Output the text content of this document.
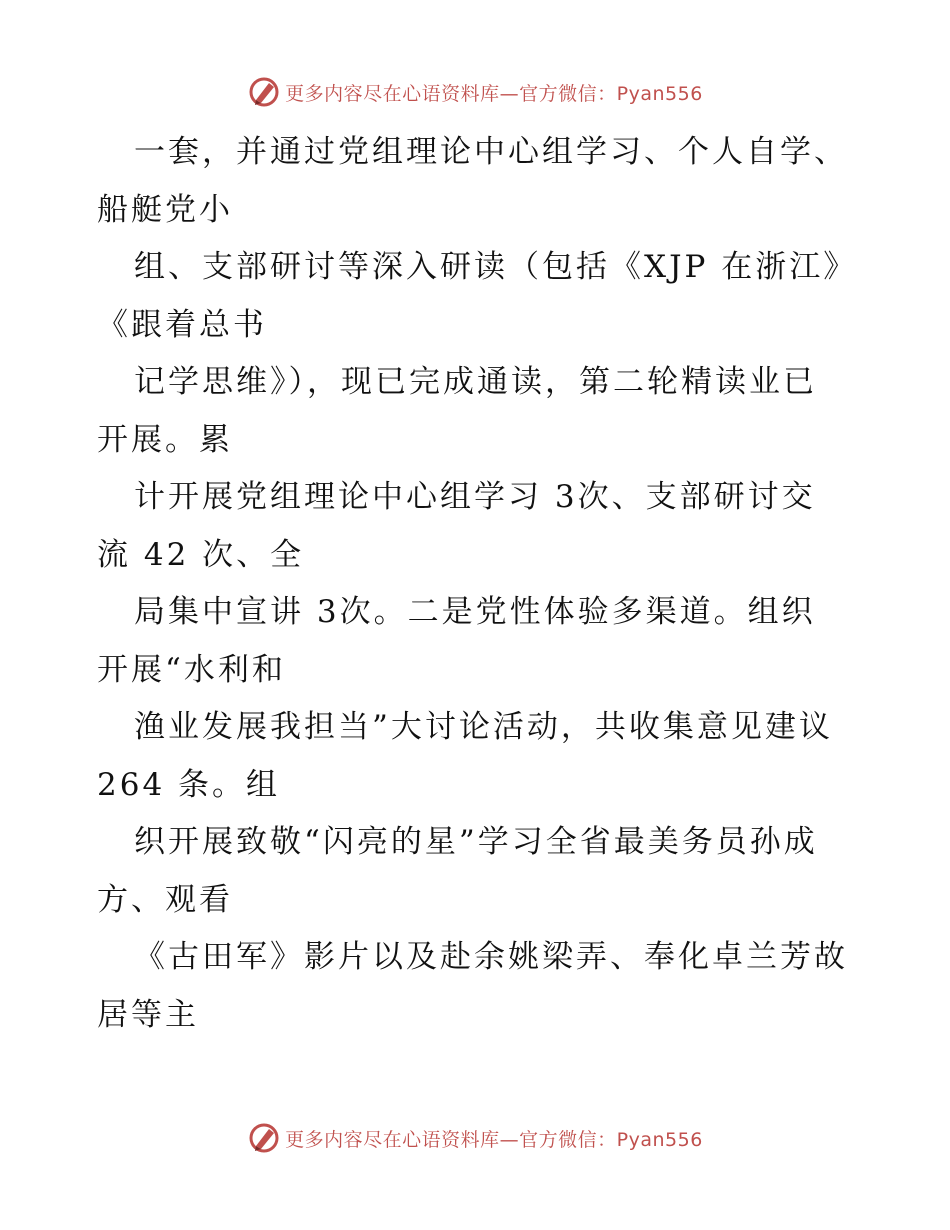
更多内容尽在心语资料库—官方微信：Pyan556
一套，并通过党组理论中心组学习、个人自学、
船艇党小
组、支部研讨等深入研读（包括《XJP 在浙江》
《跟着总书
记学思维》），现已完成通读，第二轮精读业已
开展。累
计开展党组理论中心组学习 3次、支部研讨交
流 42 次、全
局集中宣讲 3次。二是党性体验多渠道。组织
开展“水利和
渔业发展我担当”大讨论活动，共收集意见建议
264 条。组
织开展致敬“闪亮的星”学习全省最美务员孙成
方、观看
《古田军》影片以及赴余姚梁弄、奉化卓兰芳故
居等主
更多内容尽在心语资料库—官方微信：Pyan556
